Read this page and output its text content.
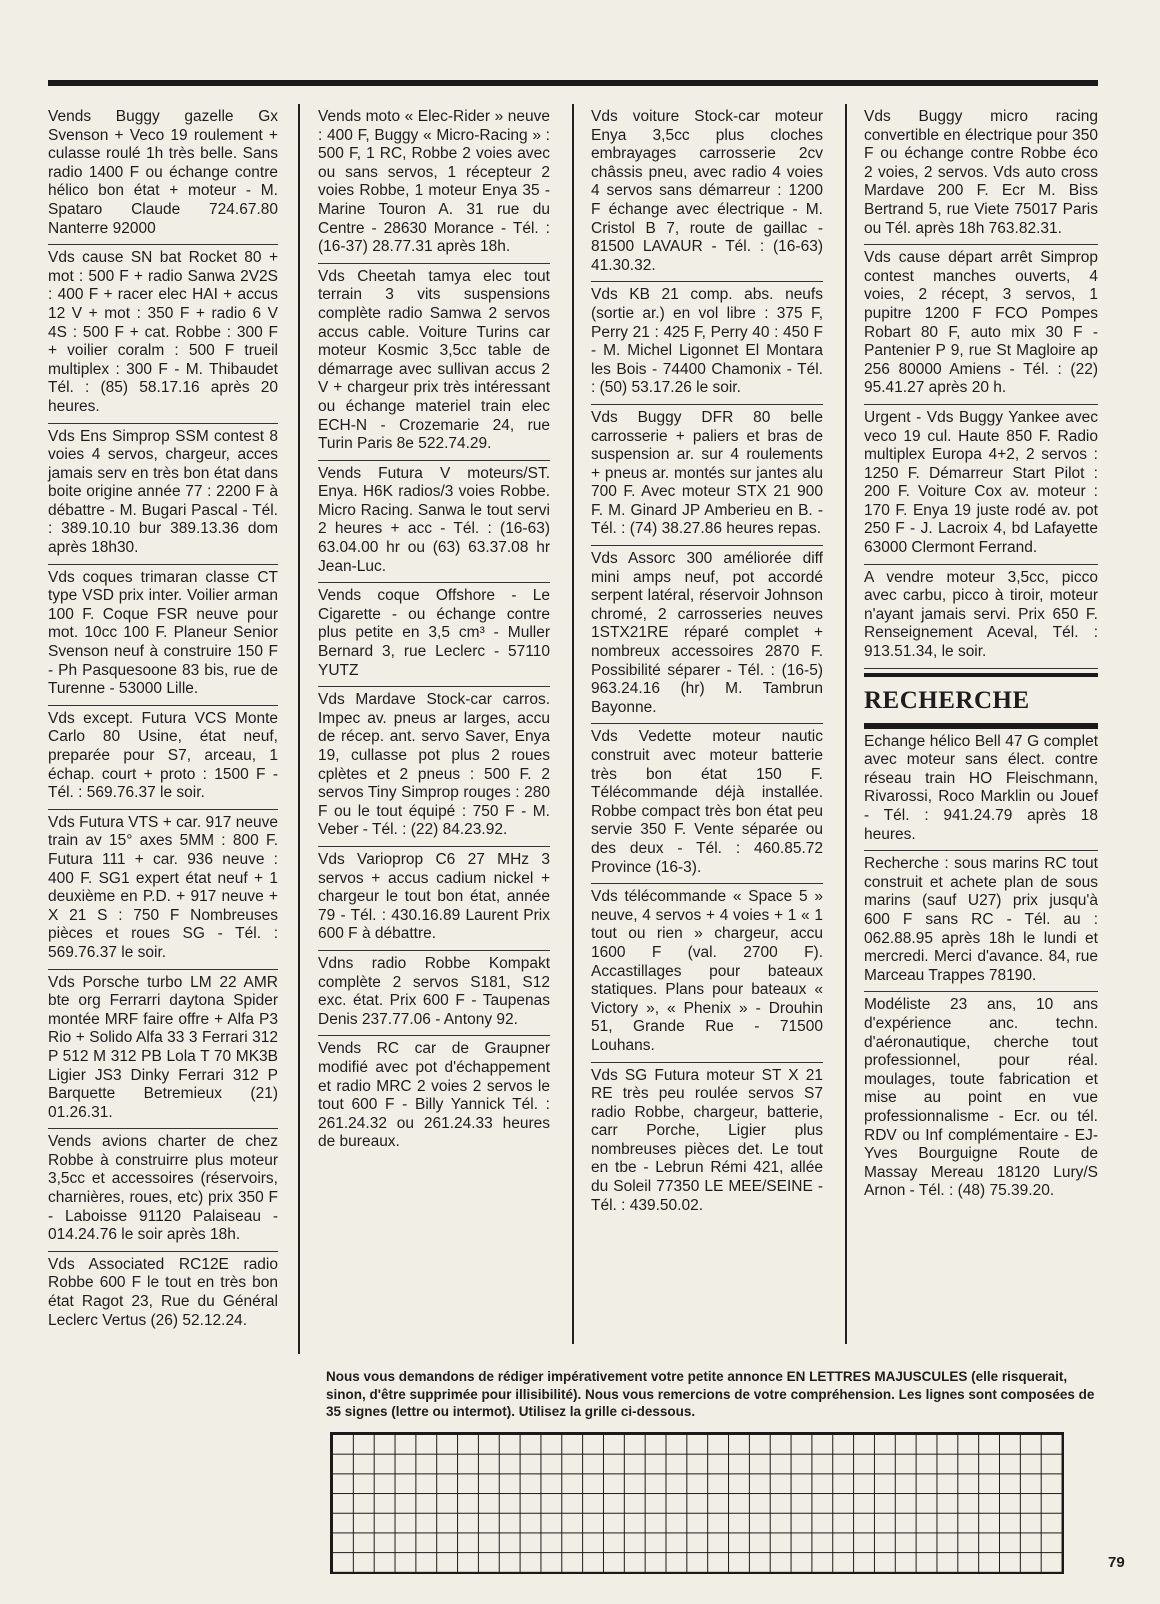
Vends Buggy gazelle Gx Svenson + Veco 19 roulement + culasse roulé 1h très belle. Sans radio 1400 F ou échange contre hélico bon état + moteur - M. Spataro Claude 724.67.80 Nanterre 92000

Vds cause SN bat Rocket 80 + mot : 500 F + radio Sanwa 2V2S : 400 F + racer elec HAI + accus 12 V + mot : 350 F + radio 6 V 4S : 500 F + cat. Robbe : 300 F + voilier coralm : 500 F trueil multiplex : 300 F - M. Thibaudet Tél. : (85) 58.17.16 après 20 heures.

Vds Ens Simprop SSM contest 8 voies 4 servos, chargeur, acces jamais serv en très bon état dans boite origine année 77 : 2200 F à débattre - M. Bugari Pascal - Tél. : 389.10.10 bur 389.13.36 dom après 18h30.

Vds coques trimaran classe CT type VSD prix inter. Voilier arman 100 F. Coque FSR neuve pour mot. 10cc 100 F. Planeur Senior Svenson neuf à construire 150 F - Ph Pasquesoone 83 bis, rue de Turenne - 53000 Lille.

Vds except. Futura VCS Monte Carlo 80 Usine, état neuf, preparée pour S7, arceau, 1 échap. court + proto : 1500 F - Tél. : 569.76.37 le soir.

Vds Futura VTS + car. 917 neuve train av 15° axes 5MM : 800 F. Futura 111 + car. 936 neuve : 400 F. SG1 expert état neuf + 1 deuxième en P.D. + 917 neuve + X 21 S : 750 F Nombreuses pièces et roues SG - Tél. : 569.76.37 le soir.

Vds Porsche turbo LM 22 AMR bte org Ferrarri daytona Spider montée MRF faire offre + Alfa P3 Rio + Solido Alfa 33 3 Ferrari 312 P 512 M 312 PB Lola T 70 MK3B Ligier JS3 Dinky Ferrari 312 P Barquette Betremieux (21) 01.26.31.

Vends avions charter de chez Robbe à construirre plus moteur 3,5cc et accessoires (réservoirs, charnières, roues, etc) prix 350 F - Laboisse 91120 Palaiseau - 014.24.76 le soir après 18h.

Vds Associated RC12E radio Robbe 600 F le tout en très bon état Ragot 23, Rue du Général Leclerc Vertus (26) 52.12.24.

Vends moto « Elec-Rider » neuve : 400 F, Buggy « Micro-Racing » : 500 F, 1 RC, Robbe 2 voies avec ou sans servos, 1 récepteur 2 voies Robbe, 1 moteur Enya 35 - Marine Touron A. 31 rue du Centre - 28630 Morance - Tél. : (16-37) 28.77.31 après 18h.

Vds Cheetah tamya elec tout terrain 3 vits suspensions complète radio Samwa 2 servos accus cable. Voiture Turins car moteur Kosmic 3,5cc table de démarrage avec sullivan accus 2 V + chargeur prix très intéressant ou échange materiel train elec ECH-N - Crozemarie 24, rue Turin Paris 8e 522.74.29.

Vends Futura V moteurs/ST. Enya. H6K radios/3 voies Robbe. Micro Racing. Sanwa le tout servi 2 heures + acc - Tél. : (16-63) 63.04.00 hr ou (63) 63.37.08 hr Jean-Luc.

Vends coque Offshore - Le Cigarette - ou échange contre plus petite en 3,5 cm³ - Muller Bernard 3, rue Leclerc - 57110 YUTZ

Vds Mardave Stock-car carros. Impec av. pneus ar larges, accu de récep. ant. servo Saver, Enya 19, cullasse pot plus 2 roues cplètes et 2 pneus : 500 F. 2 servos Tiny Simprop rouges : 280 F ou le tout équipé : 750 F - M. Veber - Tél. : (22) 84.23.92.

Vds Varioprop C6 27 MHz 3 servos + accus cadium nickel + chargeur le tout bon état, année 79 - Tél. : 430.16.89 Laurent Prix 600 F à débattre.

Vdns radio Robbe Kompakt complète 2 servos S181, S12 exc. état. Prix 600 F - Taupenas Denis 237.77.06 - Antony 92.

Vends RC car de Graupner modifié avec pot d'échappement et radio MRC 2 voies 2 servos le tout 600 F - Billy Yannick Tél. : 261.24.32 ou 261.24.33 heures de bureaux.

Vds voiture Stock-car moteur Enya 3,5cc plus cloches embrayages carrosserie 2cv châssis pneu, avec radio 4 voies 4 servos sans démarreur : 1200 F échange avec électrique - M. Cristol B 7, route de gaillac - 81500 LAVAUR - Tél. : (16-63) 41.30.32.

Vds KB 21 comp. abs. neufs (sortie ar.) en vol libre : 375 F, Perry 21 : 425 F, Perry 40 : 450 F - M. Michel Ligonnet El Montara les Bois - 74400 Chamonix - Tél. : (50) 53.17.26 le soir.

Vds Buggy DFR 80 belle carrosserie + paliers et bras de suspension ar. sur 4 roulements + pneus ar. montés sur jantes alu 700 F. Avec moteur STX 21 900 F. M. Ginard JP Amberieu en B. - Tél. : (74) 38.27.86 heures repas.

Vds Assorc 300 améliorée diff mini amps neuf, pot accordé serpent latéral, réservoir Johnson chromé, 2 carrosseries neuves 1STX21RE réparé complet + nombreux accessoires 2870 F. Possibilité séparer - Tél. : (16-5) 963.24.16 (hr) M. Tambrun Bayonne.

Vds Vedette moteur nautic construit avec moteur batterie très bon état 150 F. Télécommande déjà installée. Robbe compact très bon état peu servie 350 F. Vente séparée ou des deux - Tél. : 460.85.72 Province (16-3).

Vds télécommande « Space 5 » neuve, 4 servos + 4 voies + 1 « 1 tout ou rien » chargeur, accu 1600 F (val. 2700 F). Accastillages pour bateaux statiques. Plans pour bateaux « Victory », « Phenix » - Drouhin 51, Grande Rue - 71500 Louhans.

Vds SG Futura moteur ST X 21 RE très peu roulée servos S7 radio Robbe, chargeur, batterie, carr Porche, Ligier plus nombreuses pièces det. Le tout en tbe - Lebrun Rémi 421, allée du Soleil 77350 LE MEE/SEINE - Tél. : 439.50.02.

Vds Buggy micro racing convertible en électrique pour 350 F ou échange contre Robbe éco 2 voies, 2 servos. Vds auto cross Mardave 200 F. Ecr M. Biss Bertrand 5, rue Viete 75017 Paris ou Tél. après 18h 763.82.31.

Vds cause départ arrêt Simprop contest manches ouverts, 4 voies, 2 récept, 3 servos, 1 pupitre 1200 F FCO Pompes Robart 80 F, auto mix 30 F - Pantenier P 9, rue St Magloire ap 256 80000 Amiens - Tél. : (22) 95.41.27 après 20 h.

Urgent - Vds Buggy Yankee avec veco 19 cul. Haute 850 F. Radio multiplex Europa 4+2, 2 servos : 1250 F. Démarreur Start Pilot : 200 F. Voiture Cox av. moteur : 170 F. Enya 19 juste rodé av. pot 250 F - J. Lacroix 4, bd Lafayette 63000 Clermont Ferrand.

A vendre moteur 3,5cc, picco avec carbu, picco à tiroir, moteur n'ayant jamais servi. Prix 650 F. Renseignement Aceval, Tél. : 913.51.34, le soir.

RECHERCHE

Echange hélico Bell 47 G complet avec moteur sans élect. contre réseau train HO Fleischmann, Rivarossi, Roco Marklin ou Jouef - Tél. : 941.24.79 après 18 heures.

Recherche : sous marins RC tout construit et achete plan de sous marins (sauf U27) prix jusqu'à 600 F sans RC - Tél. au : 062.88.95 après 18h le lundi et mercredi. Merci d'avance. 84, rue Marceau Trappes 78190.

Modéliste 23 ans, 10 ans d'expérience anc. techn. d'aéronautique, cherche tout professionnel, pour réal. moulages, toute fabrication et mise au point en vue professionnalisme - Ecr. ou tél. RDV ou Inf complémentaire - EJ-Yves Bourguigne Route de Massay Mereau 18120 Lury/S Arnon - Tél. : (48) 75.39.20.

Nous vous demandons de rédiger impérativement votre petite annonce EN LETTRES MAJUSCULES (elle risquerait, sinon, d'être supprimée pour illisibilité). Nous vous remercions de votre compréhension. Les lignes sont composées de 35 signes (lettre ou intermot). Utilisez la grille ci-dessous.
79
